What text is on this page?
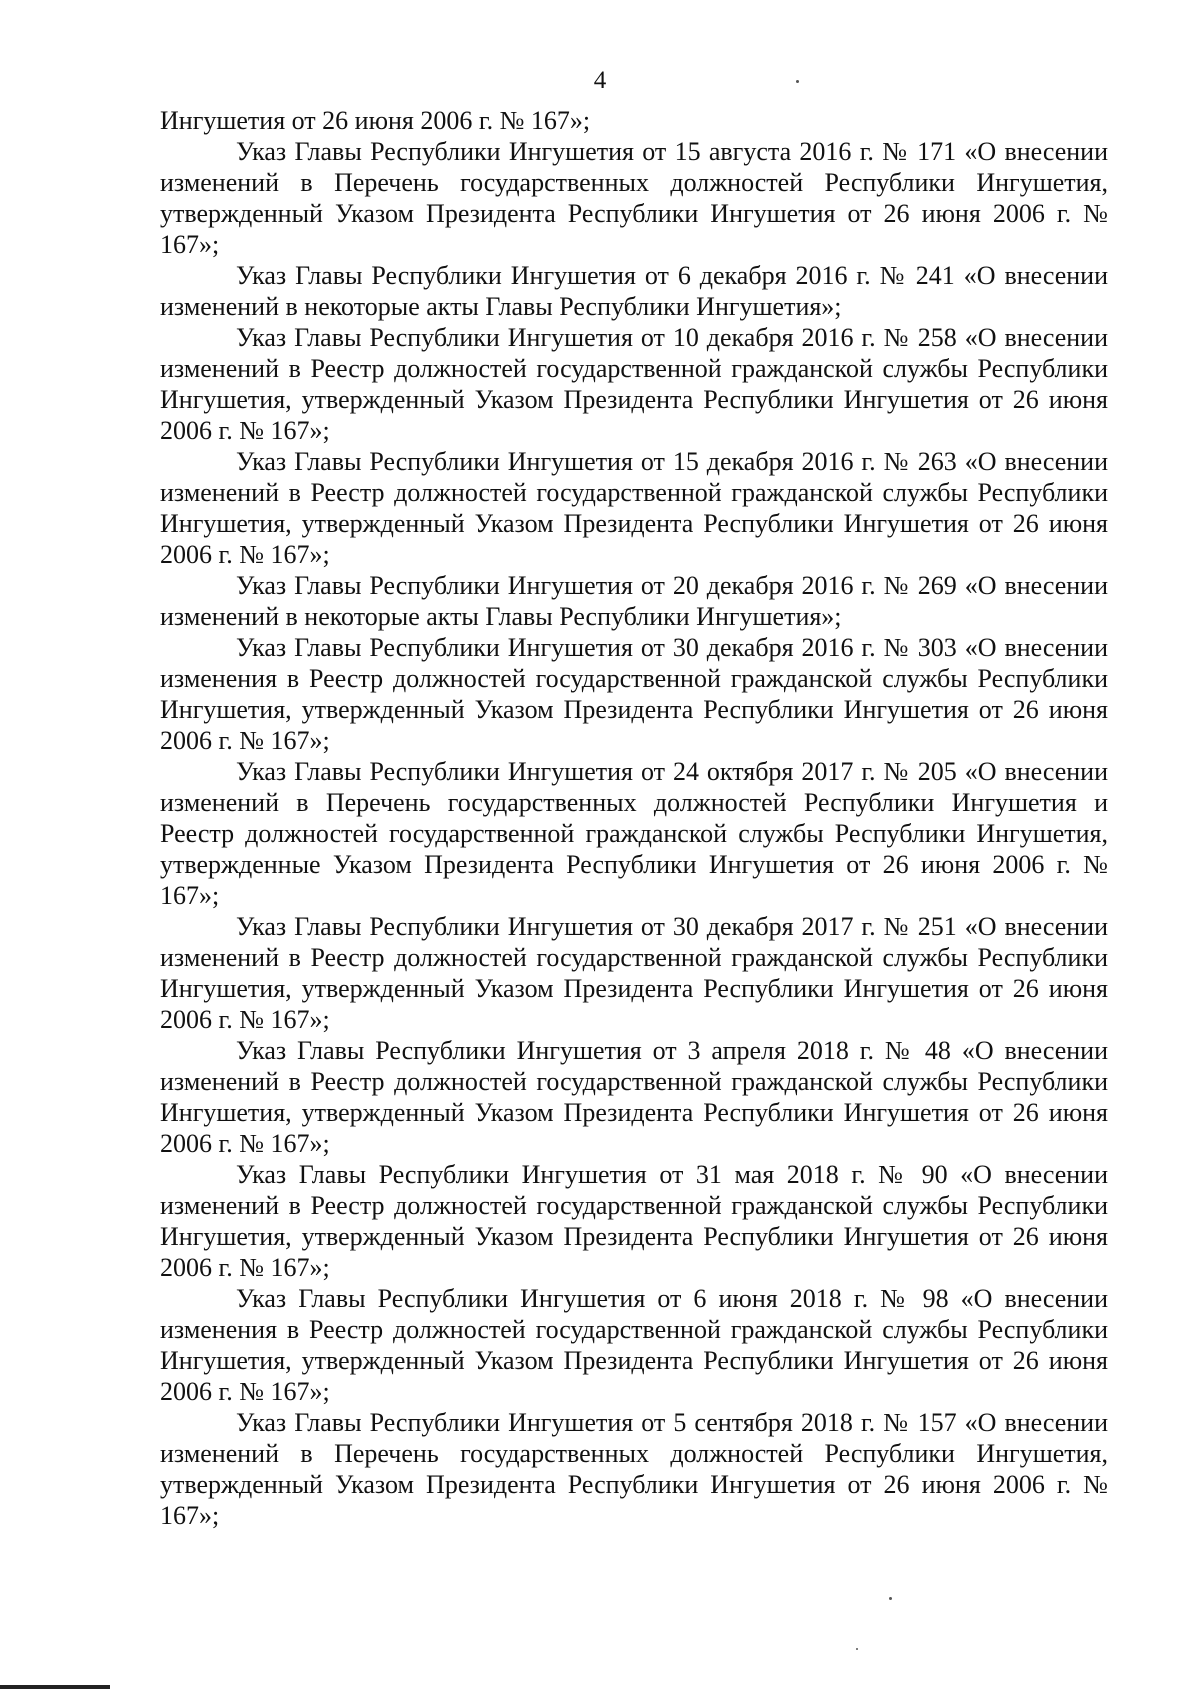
4

Ингушетия от 26 июня 2006 г. № 167»;

Указ Главы Республики Ингушетия от 15 августа 2016 г. № 171 «О внесении изменений в Перечень государственных должностей Республики Ингушетия, утвержденный Указом Президента Республики Ингушетия от 26 июня 2006 г. № 167»;

Указ Главы Республики Ингушетия от 6 декабря 2016 г. № 241 «О внесении изменений в некоторые акты Главы Республики Ингушетия»;

Указ Главы Республики Ингушетия от 10 декабря 2016 г. № 258 «О внесении изменений в Реестр должностей государственной гражданской службы Республики Ингушетия, утвержденный Указом Президента Республики Ингушетия от 26 июня 2006 г. № 167»;

Указ Главы Республики Ингушетия от 15 декабря 2016 г. № 263 «О внесении изменений в Реестр должностей государственной гражданской службы Республики Ингушетия, утвержденный Указом Президента Республики Ингушетия от 26 июня 2006 г. № 167»;

Указ Главы Республики Ингушетия от 20 декабря 2016 г. № 269 «О внесении изменений в некоторые акты Главы Республики Ингушетия»;

Указ Главы Республики Ингушетия от 30 декабря 2016 г. № 303 «О внесении изменения в Реестр должностей государственной гражданской службы Республики Ингушетия, утвержденный Указом Президента Республики Ингушетия от 26 июня 2006 г. № 167»;

Указ Главы Республики Ингушетия от 24 октября 2017 г. № 205 «О внесении изменений в Перечень государственных должностей Республики Ингушетия и Реестр должностей государственной гражданской службы Республики Ингушетия, утвержденные Указом Президента Республики Ингушетия от 26 июня 2006 г. № 167»;

Указ Главы Республики Ингушетия от 30 декабря 2017 г. № 251 «О внесении изменений в Реестр должностей государственной гражданской службы Республики Ингушетия, утвержденный Указом Президента Республики Ингушетия от 26 июня 2006 г. № 167»;

Указ Главы Республики Ингушетия от 3 апреля 2018 г. № 48 «О внесении изменений в Реестр должностей государственной гражданской службы Республики Ингушетия, утвержденный Указом Президента Республики Ингушетия от 26 июня 2006 г. № 167»;

Указ Главы Республики Ингушетия от 31 мая 2018 г. № 90 «О внесении изменений в Реестр должностей государственной гражданской службы Республики Ингушетия, утвержденный Указом Президента Республики Ингушетия от 26 июня 2006 г. № 167»;

Указ Главы Республики Ингушетия от 6 июня 2018 г. № 98 «О внесении изменения в Реестр должностей государственной гражданской службы Республики Ингушетия, утвержденный Указом Президента Республики Ингушетия от 26 июня 2006 г. № 167»;

Указ Главы Республики Ингушетия от 5 сентября 2018 г. № 157 «О внесении изменений в Перечень государственных должностей Республики Ингушетия, утвержденный Указом Президента Республики Ингушетия от 26 июня 2006 г. № 167»;
